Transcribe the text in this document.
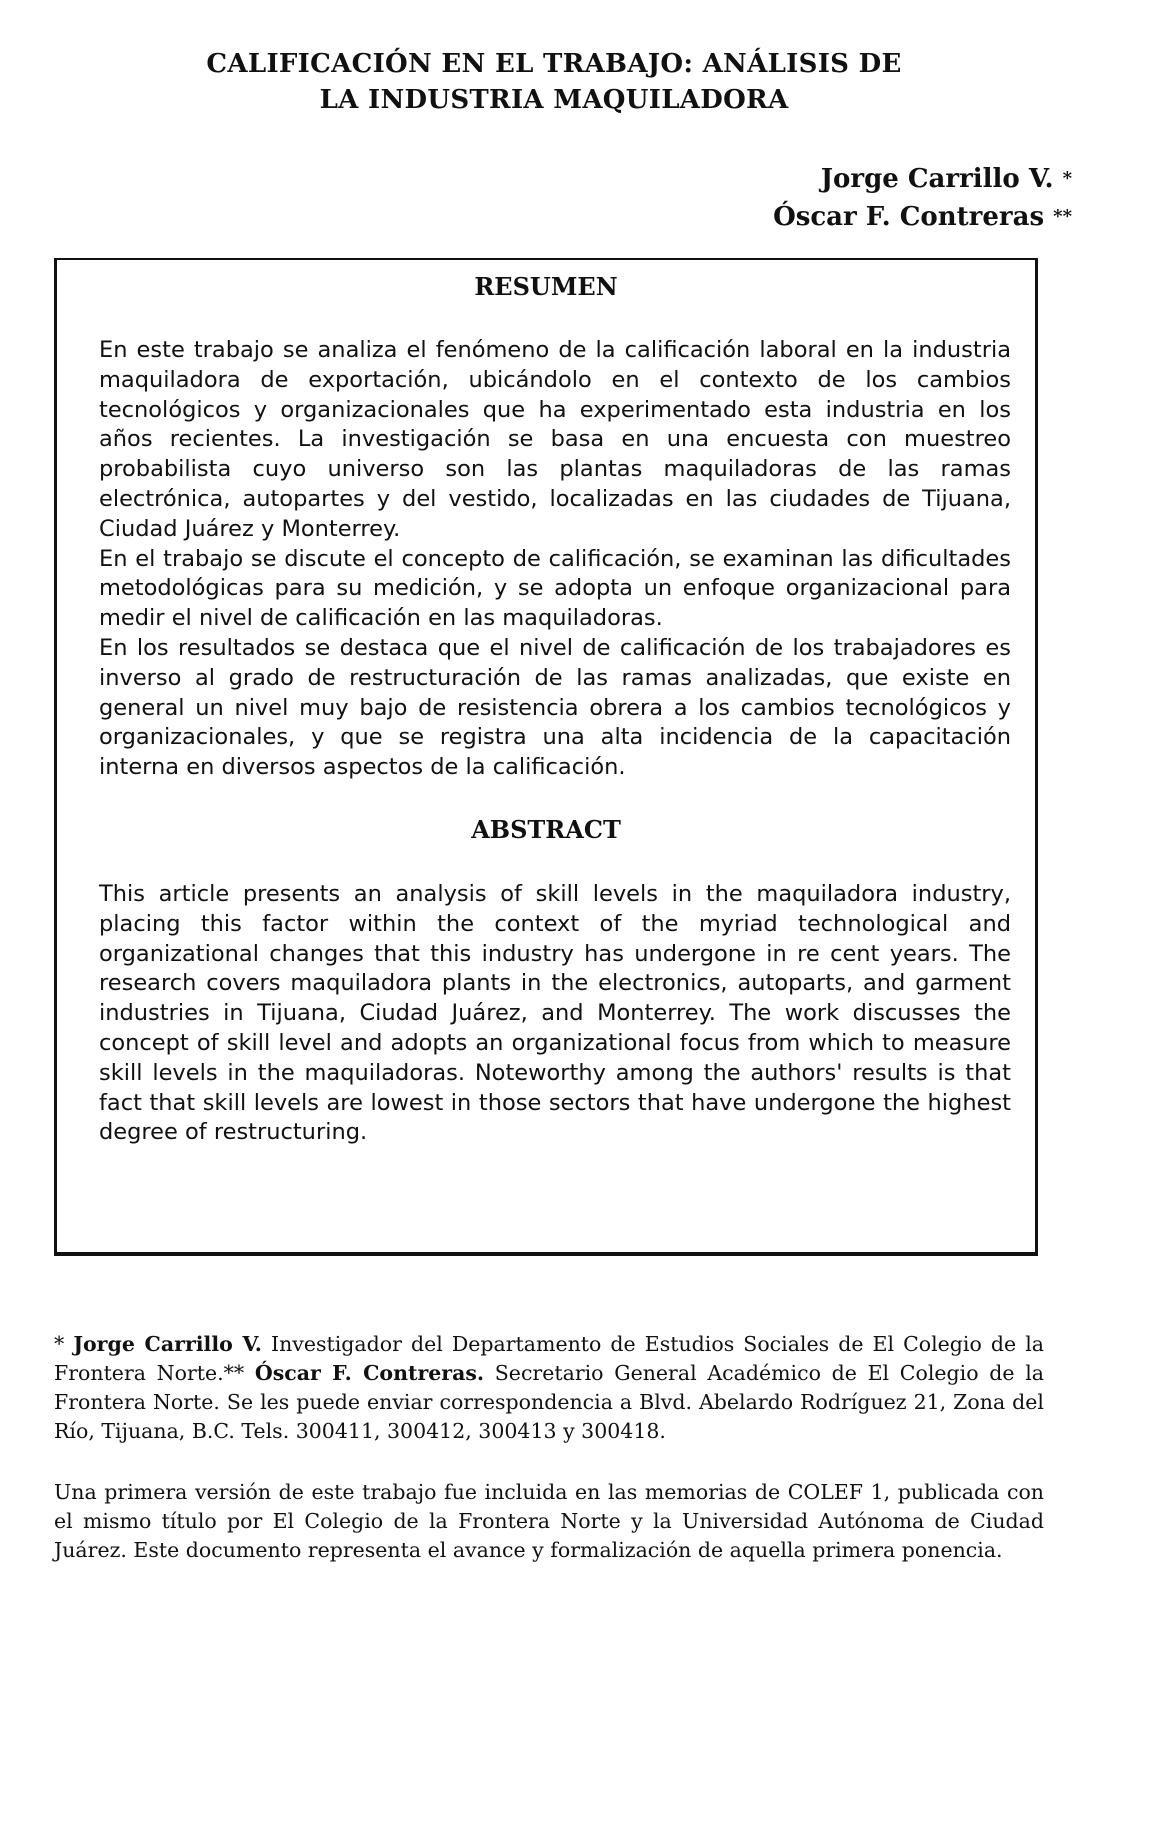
CALIFICACIÓN EN EL TRABAJO: ANÁLISIS DE
LA INDUSTRIA MAQUILADORA
Jorge Carrillo V. *
Óscar F. Contreras **
RESUMEN

En este trabajo se analiza el fenómeno de la calificación laboral en la industria maquiladora de exportación, ubicándolo en el contexto de los cambios tecnológicos y organizacionales que ha experimentado esta industria en los años recientes. La investigación se basa en una encuesta con muestreo probabilista cuyo universo son las plantas maquiladoras de las ramas electrónica, autopartes y del vestido, localizadas en las ciudades de Tijuana, Ciudad Juárez y Monterrey.

En el trabajo se discute el concepto de calificación, se examinan las dificultades metodológicas para su medición, y se adopta un enfoque organizacional para medir el nivel de calificación en las maquiladoras.

En los resultados se destaca que el nivel de calificación de los trabajadores es inverso al grado de restructuración de las ramas analizadas, que existe en general un nivel muy bajo de resistencia obrera a los cambios tecnológicos y organizacionales, y que se registra una alta incidencia de la capacitación interna en diversos aspectos de la calificación.

ABSTRACT

This article presents an analysis of skill levels in the maquiladora industry, placing this factor within the context of the myriad technological and organizational changes that this industry has undergone in re cent years. The research covers maquiladora plants in the electronics, autoparts, and garment industries in Tijuana, Ciudad Juárez, and Monterrey. The work discusses the concept of skill level and adopts an organizational focus from which to measure skill levels in the maquiladoras. Noteworthy among the authors' results is that fact that skill levels are lowest in those sectors that have undergone the highest degree of restructuring.

* Jorge Carrillo V. Investigador del Departamento de Estudios Sociales de El Colegio de la Frontera Norte.** Óscar F. Contreras. Secretario General Académico de El Colegio de la Frontera Norte. Se les puede enviar correspondencia a Blvd. Abelardo Rodríguez 21, Zona del Río, Tijuana, B.C. Tels. 300411, 300412, 300413 y 300418.

Una primera versión de este trabajo fue incluida en las memorias de COLEF 1, publicada con el mismo título por El Colegio de la Frontera Norte y la Universidad Autónoma de Ciudad Juárez. Este documento representa el avance y formalización de aquella primera ponencia.
